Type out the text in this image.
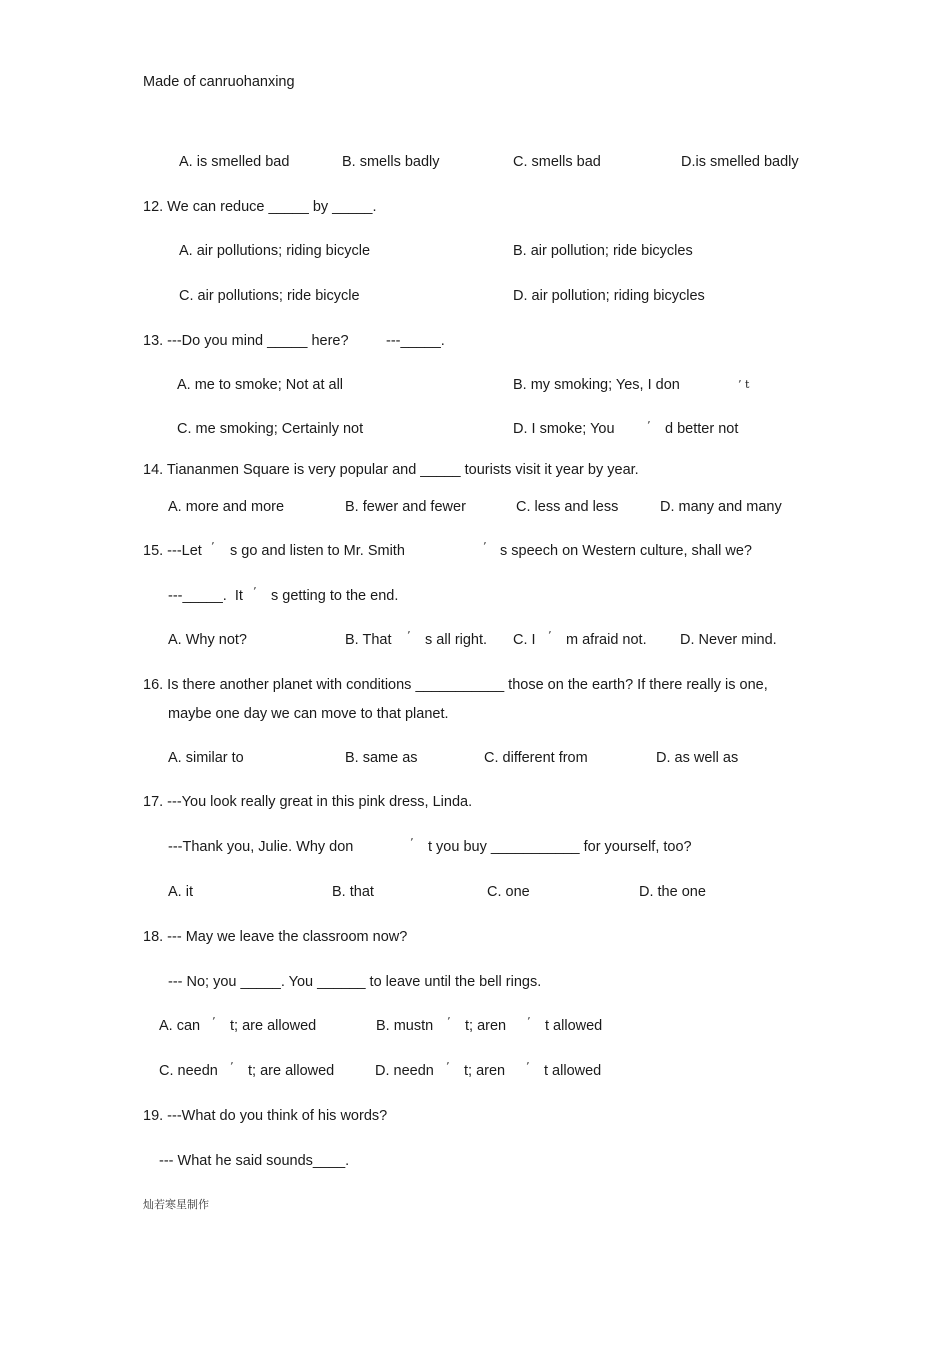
Made of canruohanxing
A. is smelled bad	B. smells badly	C. smells bad	D.is smelled badly
12. We can reduce _____ by _____.
A. air pollutions; riding bicycle	B. air pollution; ride bicycles
C. air pollutions; ride bicycle	D. air pollution; riding bicycles
13. ---Do you mind _____ here?	---_____.
A. me to smoke; Not at all	B. my smoking; Yes, I don	’ t
C. me smoking; Certainly not	D. I smoke; You	’ d better not
14. Tiananmen Square is very popular and _____ tourists visit it year by year.
A. more and more	B. fewer and fewer	C. less and less	D. many and many
15. ---Let ’ s go and listen to Mr. Smith	’ s speech on Western culture, shall we?
---_____.  It ’ s getting to the end.
A. Why not?	B. That ’ s all right. C. I ’ m afraid not. D. Never mind.
16. Is there another planet with conditions ___________ those on the earth? If there really is one,
maybe one day we can move to that planet.
A. similar to	B. same as	C. different from	D. as well as
17. ---You look really great in this pink dress, Linda.
---Thank you, Julie. Why don	’ t you buy ___________ for yourself, too?
A. it	B. that	C. one	D. the one
18. --- May we leave the classroom now?
--- No; you _____. You ______ to leave until the bell rings.
A. can ’ t; are allowed	B. mustn ’ t; aren ’ t allowed
C. needn ’ t; are allowed	D. needn ’ t; aren ’ t allowed
19. ---What do you think of his words?
--- What he said sounds____.
灿若寒星制作
